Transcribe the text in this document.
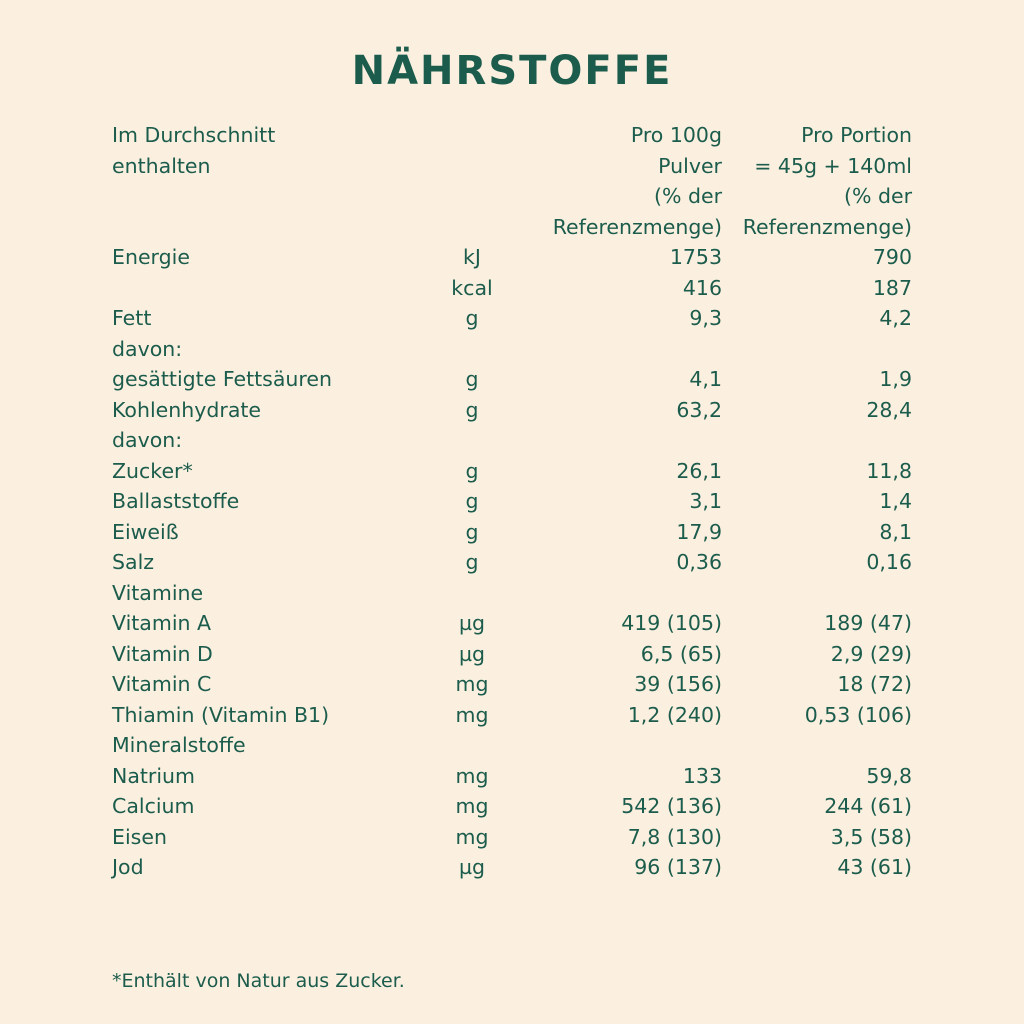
NÄHRSTOFFE
Im Durchschnitt
enthalten

Pro 100g
Pulver
(% der
Referenzmenge)

Pro Portion
= 45g + 140ml
(% der
Referenzmenge)

Energie	kJ	1753	790
	kcal	416	187
Fett	g	9,3	4,2
davon:			
gesättigte Fettsäuren	g	4,1	1,9
Kohlenhydrate	g	63,2	28,4
davon:			
Zucker*	g	26,1	11,8
Ballaststoffe	g	3,1	1,4
Eiweiß	g	17,9	8,1
Salz	g	0,36	0,16
Vitamine			
Vitamin A	µg	419 (105)	189 (47)
Vitamin D	µg	6,5 (65)	2,9 (29)
Vitamin C	mg	39 (156)	18 (72)
Thiamin (Vitamin B1)	mg	1,2 (240)	0,53 (106)
Mineralstoffe			
Natrium	mg	133	59,8
Calcium	mg	542 (136)	244 (61)
Eisen	mg	7,8 (130)	3,5 (58)
Jod	µg	96 (137)	43 (61)
*Enthält von Natur aus Zucker.
